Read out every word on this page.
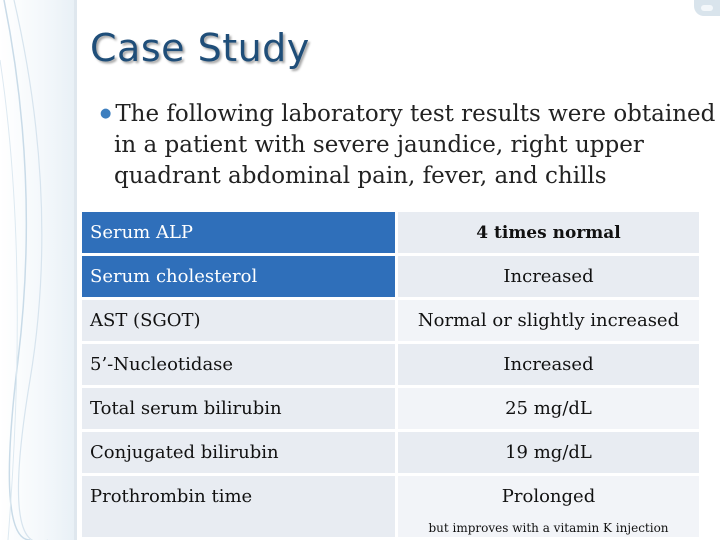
Case Study
● The following laboratory test results were obtained
in a patient with severe jaundice, right upper
quadrant abdominal pain, fever, and chills
Serum ALP	4 times normal
Serum cholesterol	Increased
AST (SGOT)	Normal or slightly increased
5’-Nucleotidase	Increased
Total serum bilirubin	25 mg/dL
Conjugated bilirubin	19 mg/dL
Prothrombin time	Prolonged
but improves with a vitamin K injection
